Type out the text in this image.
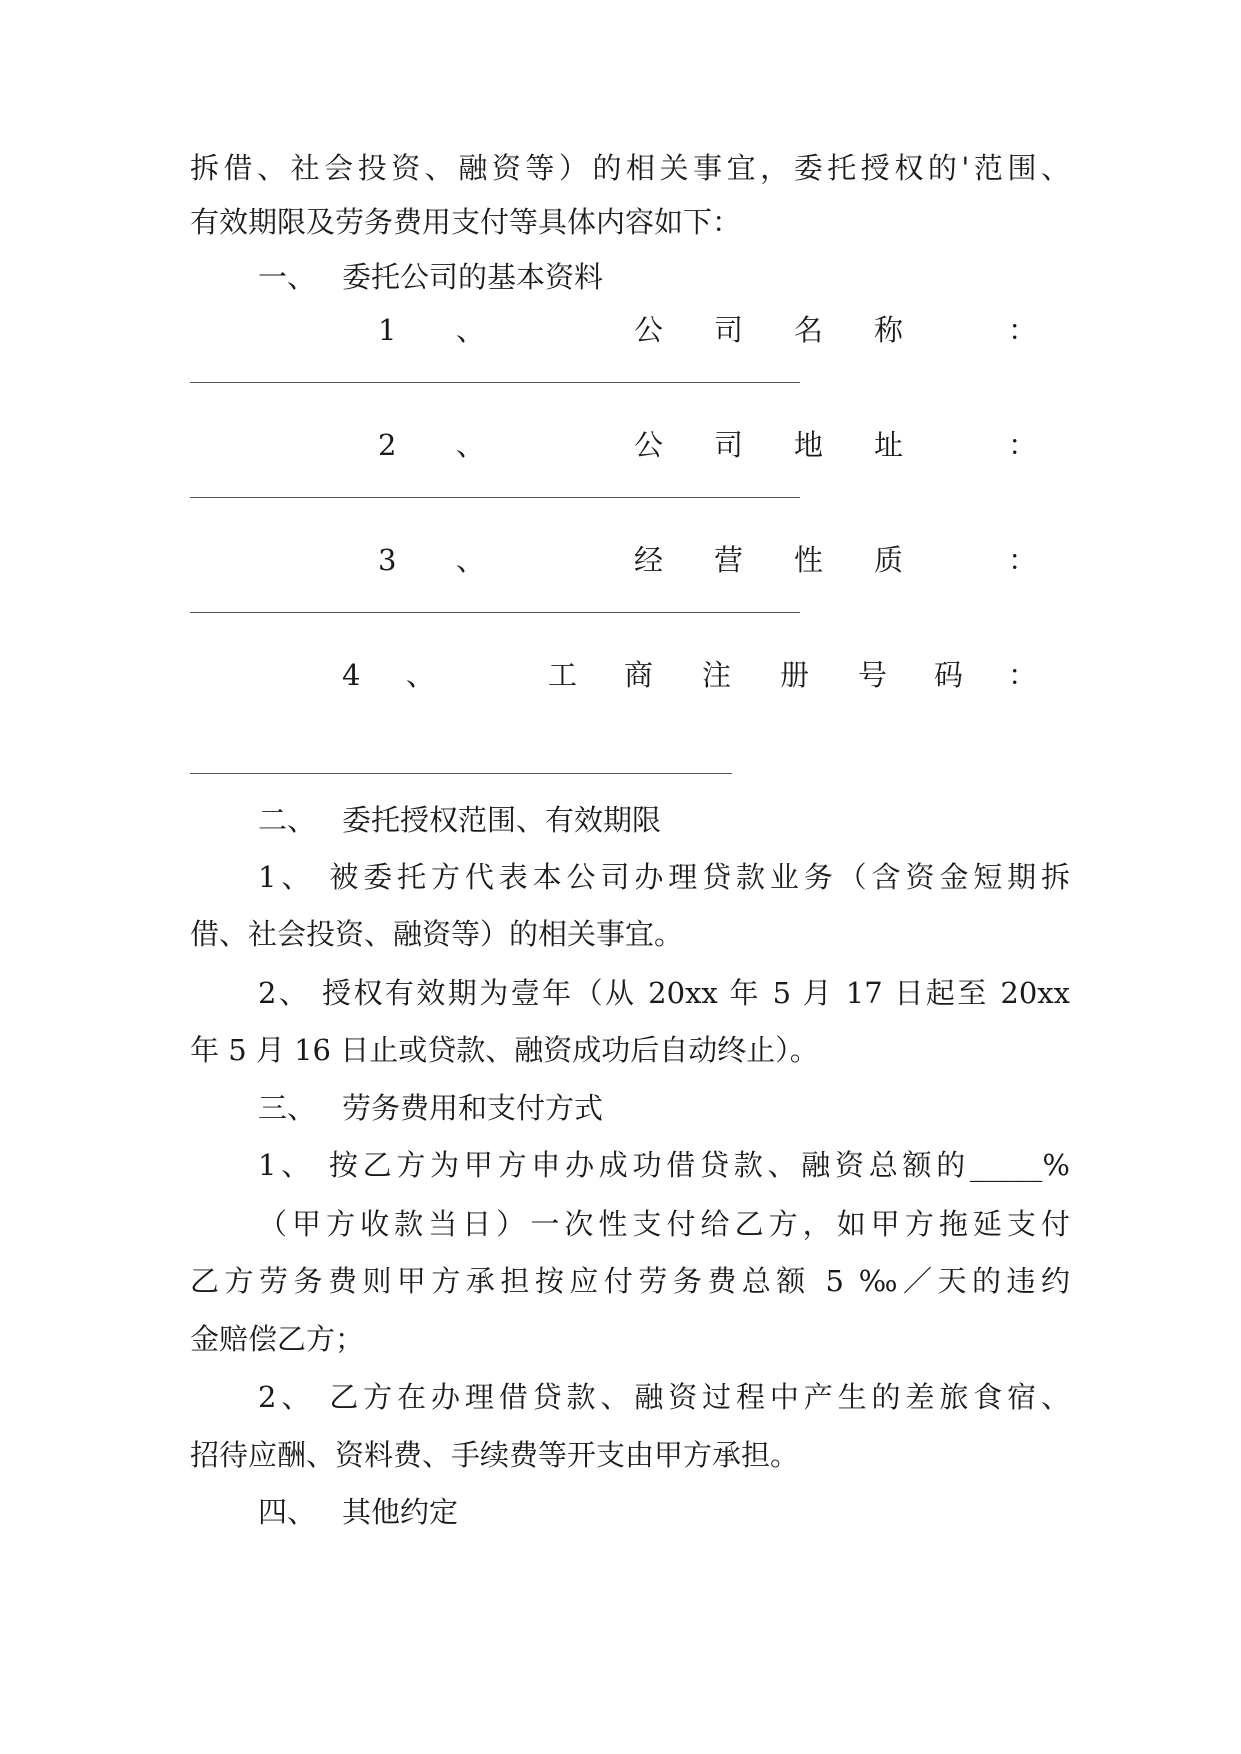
拆借、社会投资、融资等）的相关事宜，委托授权的'范围、
有效期限及劳务费用支付等具体内容如下：
一、 委托公司的基本资料
1 、	公 司 名 称	：
2 、	公 司 地 址	：
3 、	经 营 性 质	：
4 、	工 商 注 册 号 码 ：
二、 委托授权范围、有效期限
1、 被委托方代表本公司办理贷款业务（含资金短期拆
借、社会投资、融资等）的相关事宜。
2、 授权有效期为壹年（从 20xx 年 5 月 17 日起至 20xx
年 5 月 16 日止或贷款、融资成功后自动终止）。
三、 劳务费用和支付方式
1、 按乙方为甲方申办成功借贷款、融资总额的_____%
（甲方收款当日）一次性支付给乙方，如甲方拖延支付
乙方劳务费则甲方承担按应付劳务费总额 5 ‰／天的违约
金赔偿乙方；
2、 乙方在办理借贷款、融资过程中产生的差旅食宿、
招待应酬、资料费、手续费等开支由甲方承担。
四、 其他约定
